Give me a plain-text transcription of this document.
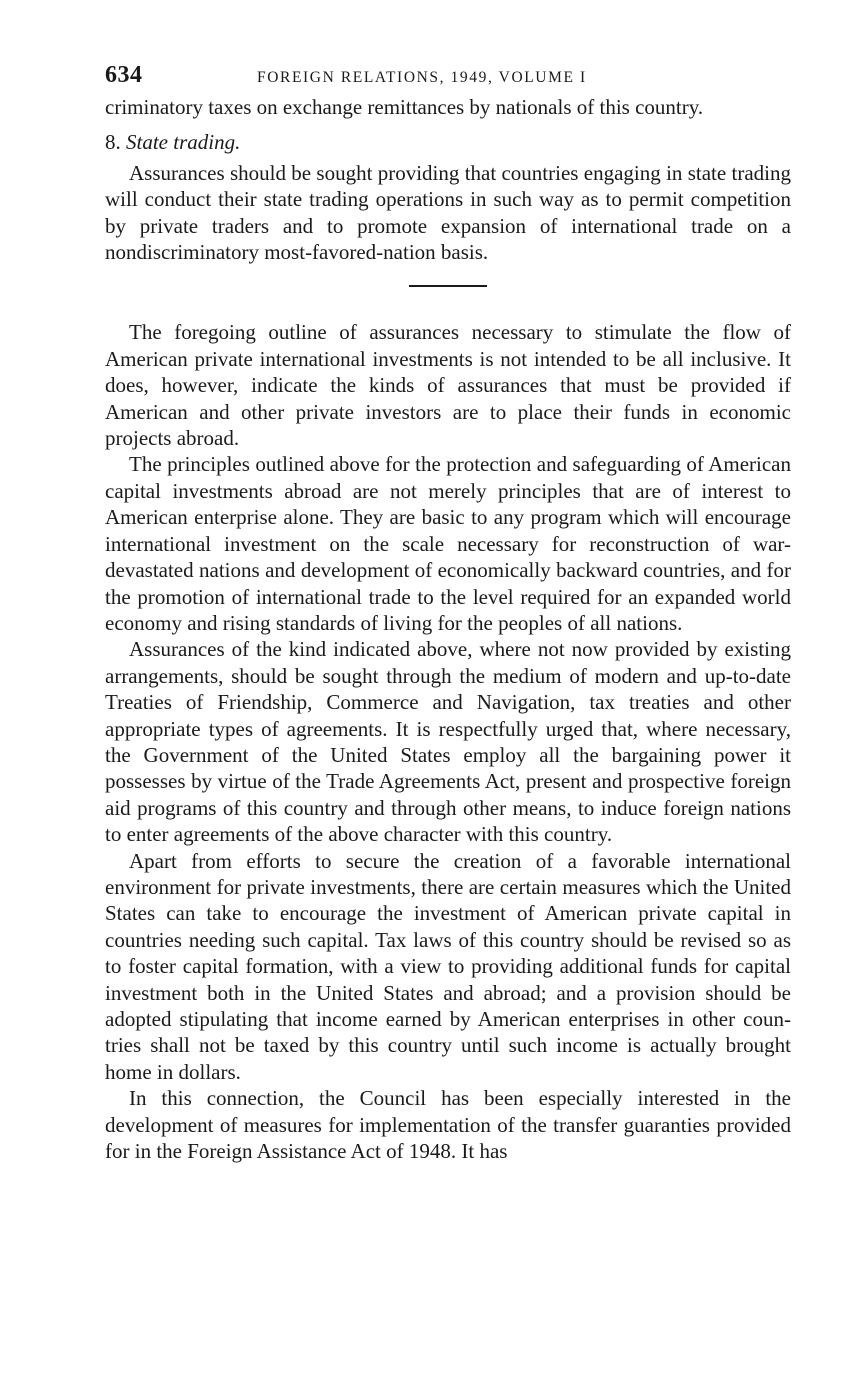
634	FOREIGN RELATIONS, 1949, VOLUME I

criminatory taxes on exchange remittances by nationals of this country.

8. State trading.

Assurances should be sought providing that countries engaging in state trading will conduct their state trading operations in such way as to permit competition by private traders and to promote expansion of international trade on a nondiscriminatory most-favored-nation basis.

The foregoing outline of assurances necessary to stimulate the flow of American private international investments is not intended to be all inclusive. It does, however, indicate the kinds of assurances that must be provided if American and other private investors are to place their funds in economic projects abroad.

The principles outlined above for the protection and safeguarding of American capital investments abroad are not merely principles that are of interest to American enterprise alone. They are basic to any program which will encourage international investment on the scale necessary for reconstruction of war-devastated nations and development of economically backward countries, and for the promotion of international trade to the level required for an expanded world economy and rising standards of living for the peoples of all nations.

Assurances of the kind indicated above, where not now provided by existing arrangements, should be sought through the medium of modern and up-to-date Treaties of Friendship, Commerce and Navigation, tax treaties and other appropriate types of agreements. It is respectfully urged that, where necessary, the Government of the United States employ all the bargaining power it possesses by virtue of the Trade Agreements Act, present and prospective foreign aid programs of this country and through other means, to induce foreign nations to enter agreements of the above character with this country.

Apart from efforts to secure the creation of a favorable international environment for private investments, there are certain measures which the United States can take to encourage the investment of American private capital in countries needing such capital. Tax laws of this country should be revised so as to foster capital formation, with a view to providing additional funds for capital investment both in the United States and abroad; and a provision should be adopted stipulating that income earned by American enterprises in other countries shall not be taxed by this country until such income is actually brought home in dollars.

In this connection, the Council has been especially interested in the development of measures for implementation of the transfer guaranties provided for in the Foreign Assistance Act of 1948. It has
